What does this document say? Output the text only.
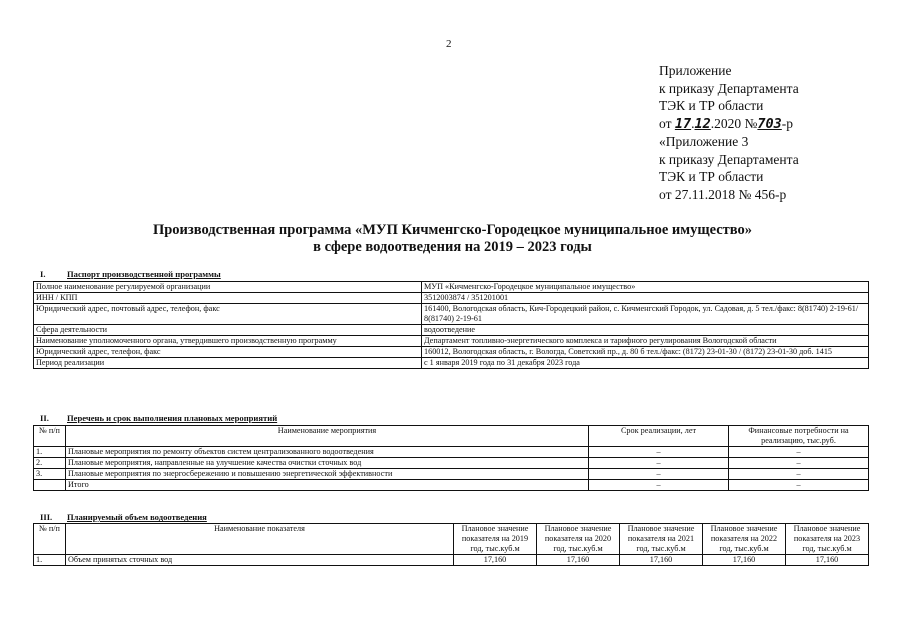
2
Приложение
к приказу Департамента
ТЭК и ТР области
от 17.12.2020 №703-р
«Приложение 3
к приказу Департамента
ТЭК и ТР области
от 27.11.2018 № 456-р
Производственная программа «МУП Кичменгско-Городецкое муниципальное имущество»
в сфере водоотведения на 2019 – 2023 годы
I.	Паспорт производственной программы
Полное наименование регулируемой организации	МУП «Кичменгско-Городецкое муниципальное имущество»
ИНН / КПП	3512003874 / 351201001
Юридический адрес, почтовый адрес, телефон, факс	161400, Вологодская область, Кич-Городецкий район, с. Кичменгский Городок, ул. Садовая, д. 5 тел./факс: 8(81740) 2-19-61/ 8(81740) 2-19-61
Сфера деятельности	водоотведение
Наименование уполномоченного органа, утвердившего производственную программу	Департамент топливно-энергетического комплекса и тарифного регулирования Вологодской области
Юридический адрес, телефон, факс	160012, Вологодская область, г. Вологда, Советский пр., д. 80 б тел./факс: (8172) 23-01-30 / (8172) 23-01-30 доб. 1415
Период реализации	с 1 января 2019 года по 31 декабря 2023 года
II. Перечень и срок выполнения плановых мероприятий
№ п/п	Наименование мероприятия	Срок реализации, лет	Финансовые потребности на реализацию, тыс.руб.
1.	Плановые мероприятия по ремонту объектов систем централизованного водоотведения	–	–
2.	Плановые мероприятия, направленные на улучшение качества очистки сточных вод	–	–
3.	Плановые мероприятия по энергосбережению и повышению энергетической эффективности	–	–
	Итого	–	–
III. Планируемый объем водоотведения
№ п/п	Наименование показателя	Плановое значение показателя на 2019 год, тыс.куб.м	Плановое значение показателя на 2020 год, тыс.куб.м	Плановое значение показателя на 2021 год, тыс.куб.м	Плановое значение показателя на 2022 год, тыс.куб.м	Плановое значение показателя на 2023 год, тыс.куб.м
1.	Объем принятых сточных вод	17,160	17,160	17,160	17,160	17,160
